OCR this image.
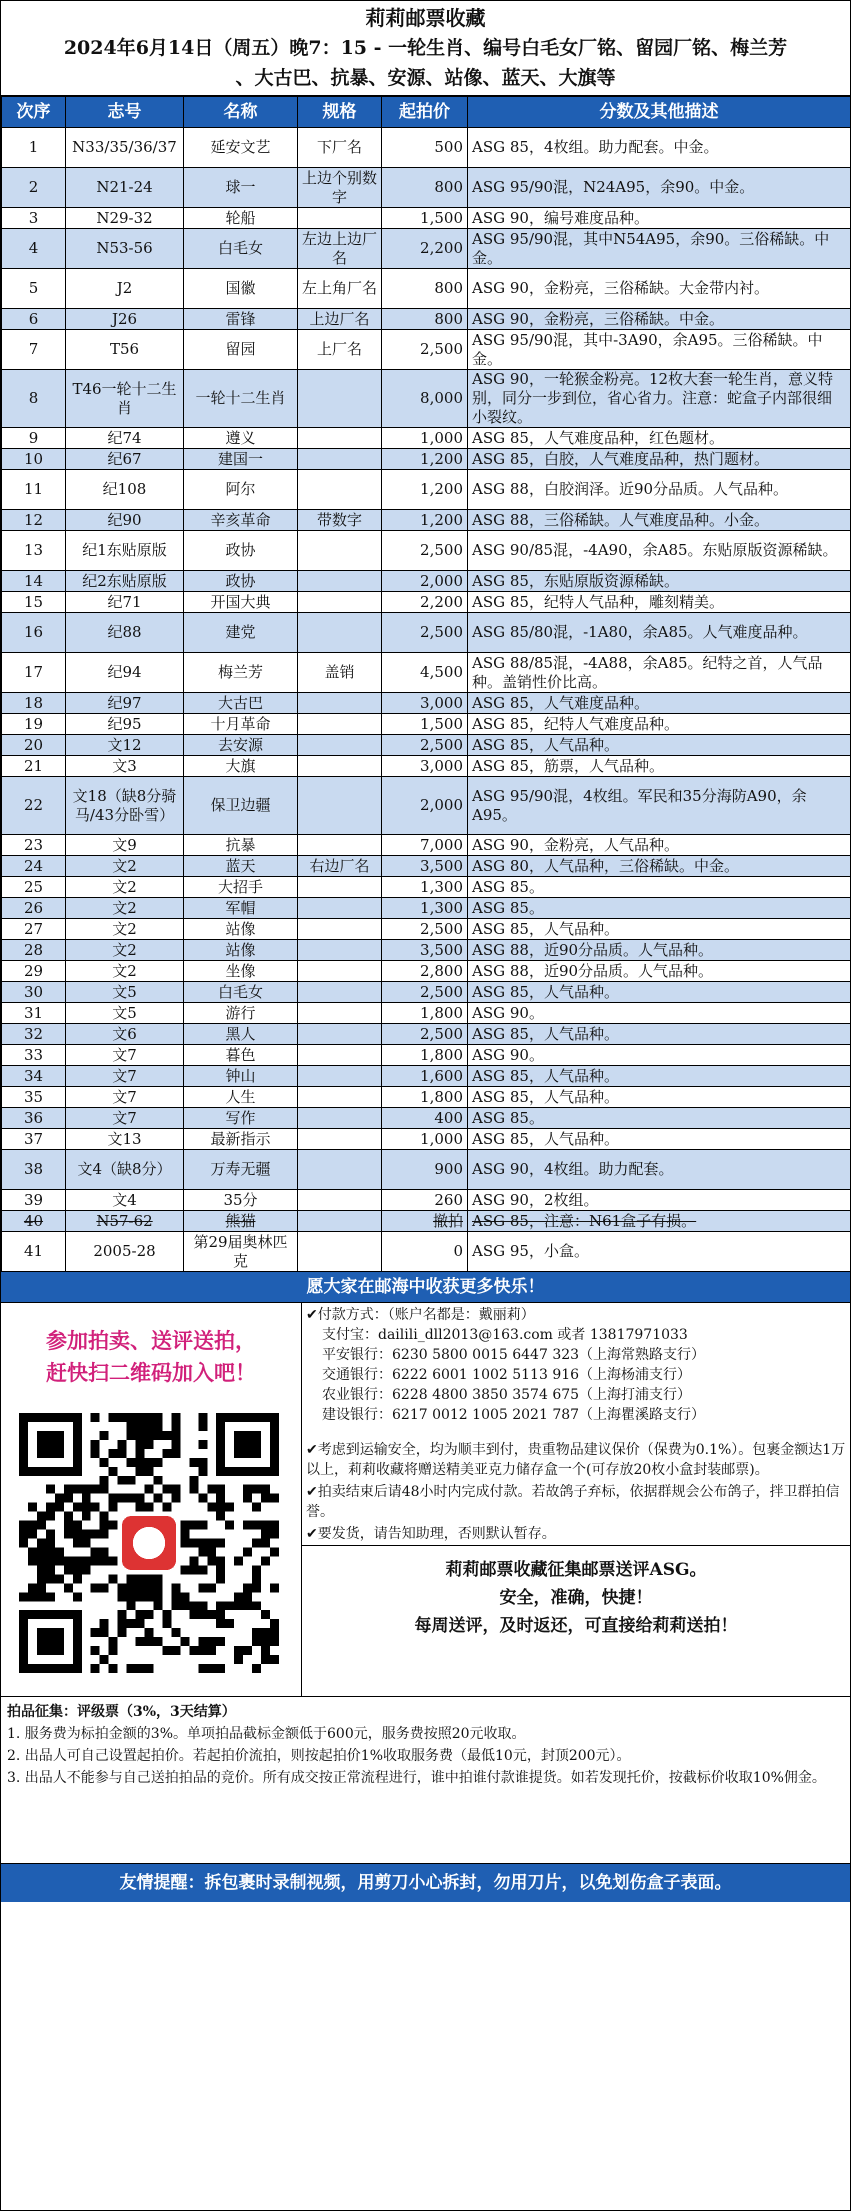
莉莉邮票收藏
2024年6月14日（周五）晚7：15 - 一轮生肖、编号白毛女厂铭、留园厂铭、梅兰芳
、大古巴、抗暴、安源、站像、蓝天、大旗等
次序	志号	名称	规格	起拍价	分数及其他描述
1	N33/35/36/37	延安文艺	下厂名	500	ASG 85，4枚组。助力配套。中金。
2	N21-24	球一	上边个别数字	800	ASG 95/90混，N24A95，余90。中金。
3	N29-32	轮船		1,500	ASG 90，编号难度品种。
4	N53-56	白毛女	左边上边厂名	2,200	ASG 95/90混，其中N54A95，余90。三俗稀缺。中金。
5	J2	国徽	左上角厂名	800	ASG 90，金粉亮，三俗稀缺。大金带内衬。
6	J26	雷锋	上边厂名	800	ASG 90，金粉亮，三俗稀缺。中金。
7	T56	留园	上厂名	2,500	ASG 95/90混，其中-3A90，余A95。三俗稀缺。中金。
8	T46一轮十二生肖	一轮十二生肖		8,000	ASG 90，一轮猴金粉亮。12枚大套一轮生肖，意义特别，同分一步到位，省心省力。注意：蛇盒子内部很细小裂纹。
9	纪74	遵义		1,000	ASG 85，人气难度品种，红色题材。
10	纪67	建国一		1,200	ASG 85，白胶，人气难度品种，热门题材。
11	纪108	阿尔		1,200	ASG 88，白胶润泽。近90分品质。人气品种。
12	纪90	辛亥革命	带数字	1,200	ASG 88，三俗稀缺。人气难度品种。小金。
13	纪1东贴原版	政协		2,500	ASG 90/85混，-4A90，余A85。东贴原版资源稀缺。
14	纪2东贴原版	政协		2,000	ASG 85，东贴原版资源稀缺。
15	纪71	开国大典		2,200	ASG 85，纪特人气品种，雕刻精美。
16	纪88	建党		2,500	ASG 85/80混，-1A80，余A85。人气难度品种。
17	纪94	梅兰芳	盖销	4,500	ASG 88/85混，-4A88，余A85。纪特之首，人气品种。盖销性价比高。
18	纪97	大古巴		3,000	ASG 85，人气难度品种。
19	纪95	十月革命		1,500	ASG 85，纪特人气难度品种。
20	文12	去安源		2,500	ASG 85，人气品种。
21	文3	大旗		3,000	ASG 85，筋票，人气品种。
22	文18（缺8分骑马/43分卧雪）	保卫边疆		2,000	ASG 95/90混，4枚组。军民和35分海防A90，余A95。
23	文9	抗暴		7,000	ASG 90，金粉亮，人气品种。
24	文2	蓝天	右边厂名	3,500	ASG 80，人气品种，三俗稀缺。中金。
25	文2	大招手		1,300	ASG 85。
26	文2	军帽		1,300	ASG 85。
27	文2	站像		2,500	ASG 85，人气品种。
28	文2	站像		3,500	ASG 88，近90分品质。人气品种。
29	文2	坐像		2,800	ASG 88，近90分品质。人气品种。
30	文5	白毛女		2,500	ASG 85，人气品种。
31	文5	游行		1,800	ASG 90。
32	文6	黑人		2,500	ASG 85，人气品种。
33	文7	暮色		1,800	ASG 90。
34	文7	钟山		1,600	ASG 85，人气品种。
35	文7	人生		1,800	ASG 85，人气品种。
36	文7	写作		400	ASG 85。
37	文13	最新指示		1,000	ASG 85，人气品种。
38	文4（缺8分）	万寿无疆		900	ASG 90，4枚组。助力配套。
39	文4	35分		260	ASG 90，2枚组。
40	N57-62	熊猫		撤拍	ASG 85，注意：N61盒子有损。
41	2005-28	第29届奥林匹克		0	ASG 95，小盒。
愿大家在邮海中收获更多快乐！
参加拍卖、送评送拍，
赶快扫二维码加入吧！
✔付款方式：（账户名都是：戴丽莉）
支付宝：dailili_dll2013@163.com 或者 13817971033
平安银行：6230 5800 0015 6447 323（上海常熟路支行）
交通银行：6222 6001 1002 5113 916（上海杨浦支行）
农业银行：6228 4800 3850 3574 675（上海打浦支行）
建设银行：6217 0012 1005 2021 787（上海瞿溪路支行）
✔考虑到运输安全，均为顺丰到付，贵重物品建议保价（保费为0.1%）。包裹金额达1万以上，莉莉收藏将赠送精美亚克力储存盒一个(可存放20枚小盒封装邮票)。
✔拍卖结束后请48小时内完成付款。若故鸽子弃标，依据群规会公布鸽子，拌卫群拍信誉。
✔要发货，请告知助理，否则默认暂存。
莉莉邮票收藏征集邮票送评ASG。
安全，准确，快捷！
每周送评，及时返还，可直接给莉莉送拍！
拍品征集：评级票（3%，3天结算）
1. 服务费为标拍金额的3%。单项拍品截标金额低于600元，服务费按照20元收取。
2. 出品人可自己设置起拍价。若起拍价流拍，则按起拍价1%收取服务费（最低10元，封顶200元）。
3. 出品人不能参与自己送拍拍品的竞价。所有成交按正常流程进行，谁中拍谁付款谁提货。如若发现托价，按截标价收取10%佣金。
友情提醒：拆包裹时录制视频，用剪刀小心拆封，勿用刀片，以免划伤盒子表面。
